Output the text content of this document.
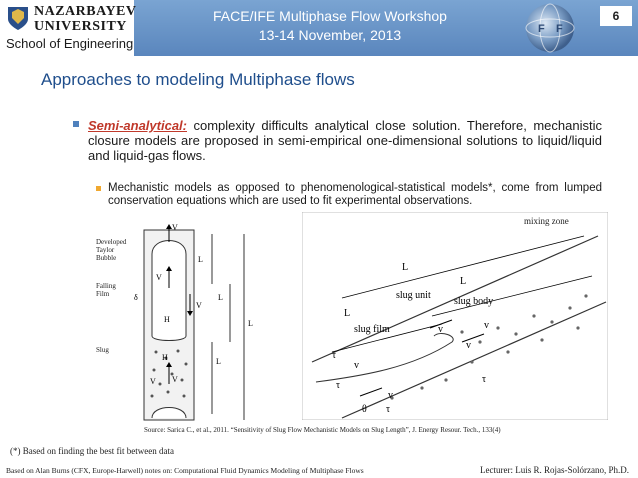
NAZARBAYEV
UNIVERSITY
School of Engineering
FACE/IFE Multiphase Flow Workshop
13-14 November, 2013	F F
6
Approaches to modeling Multiphase flows
Semi-analytical: complexity difficults analytical close solution. Therefore, mechanistic closure models are proposed in semi-empirical one-dimensional solutions to liquid/liquid and liquid-gas flows.
Mechanistic models as opposed to phenomenological-statistical models*, come from lumped conservation equations which are used to fit experimental observations.
Developed
Taylor
Bubble
Falling
Film
Slug
V
V
δ
V
H
H
V V
L
L
L
L
mixing zone
L
L
slug unit
slug body
L
slug film	v	v
v
τ
v
τ
v
τ
θ τ
Source: Sarica C., et al., 2011. “Sensitivity of Slug Flow Mechanistic Models on Slug Length”, J. Energy Resour. Tech., 133(4)
(*) Based on finding the best fit between data
Based on Alan Burns (CFX, Europe-Harwell) notes on: Computational Fluid Dynamics Modeling of Multiphase Flows	Lecturer: Luis R. Rojas-Solórzano, Ph.D.
